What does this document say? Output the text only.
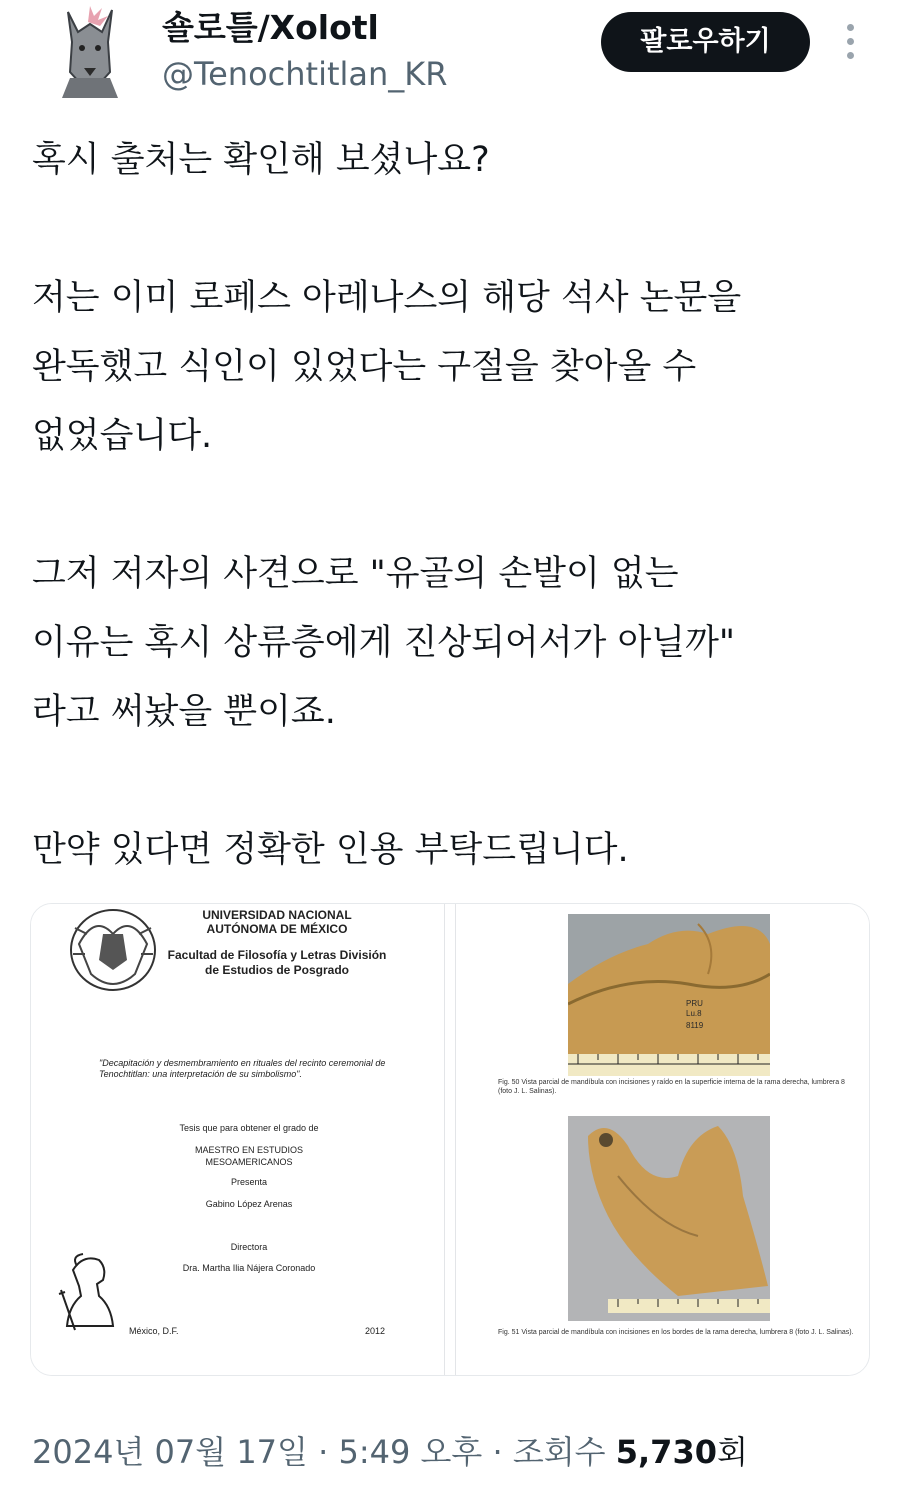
숄로틀/Xolotl
@Tenochtitlan_KR
팔로우하기
혹시 출처는 확인해 보셨나요?
저는 이미 로페스 아레나스의 해당 석사 논문을
완독했고 식인이 있었다는 구절을 찾아올 수
없었습니다.
그저 저자의 사견으로 "유골의 손발이 없는
이유는 혹시 상류층에게 진상되어서가 아닐까"
라고 써놨을 뿐이죠.
만약 있다면 정확한 인용 부탁드립니다.
UNIVERSIDAD NACIONAL AUTÓNOMA DE MÉXICO
Facultad de Filosofía y Letras División de Estudios de Posgrado
"Decapitación y desmembramiento en rituales del recinto ceremonial de Tenochtitlan: una interpretación de su simbolismo".
Tesis que para obtener el grado de
MAESTRO EN ESTUDIOS MESOAMERICANOS
Presenta
Gabino López Arenas
Directora
Dra. Martha Ilia Nájera Coronado
México, D.F.	2012
PRU
Lu.8
8119
Fig. 50 Vista parcial de mandíbula con incisiones y raído en la superficie interna de la rama derecha, lumbrera 8 (foto J. L. Salinas).
Fig. 51 Vista parcial de mandíbula con incisiones en los bordes de la rama derecha, lumbrera 8 (foto J. L. Salinas).
2024년 07월 17일 · 5:49 오후 · 조회수 5,730회
